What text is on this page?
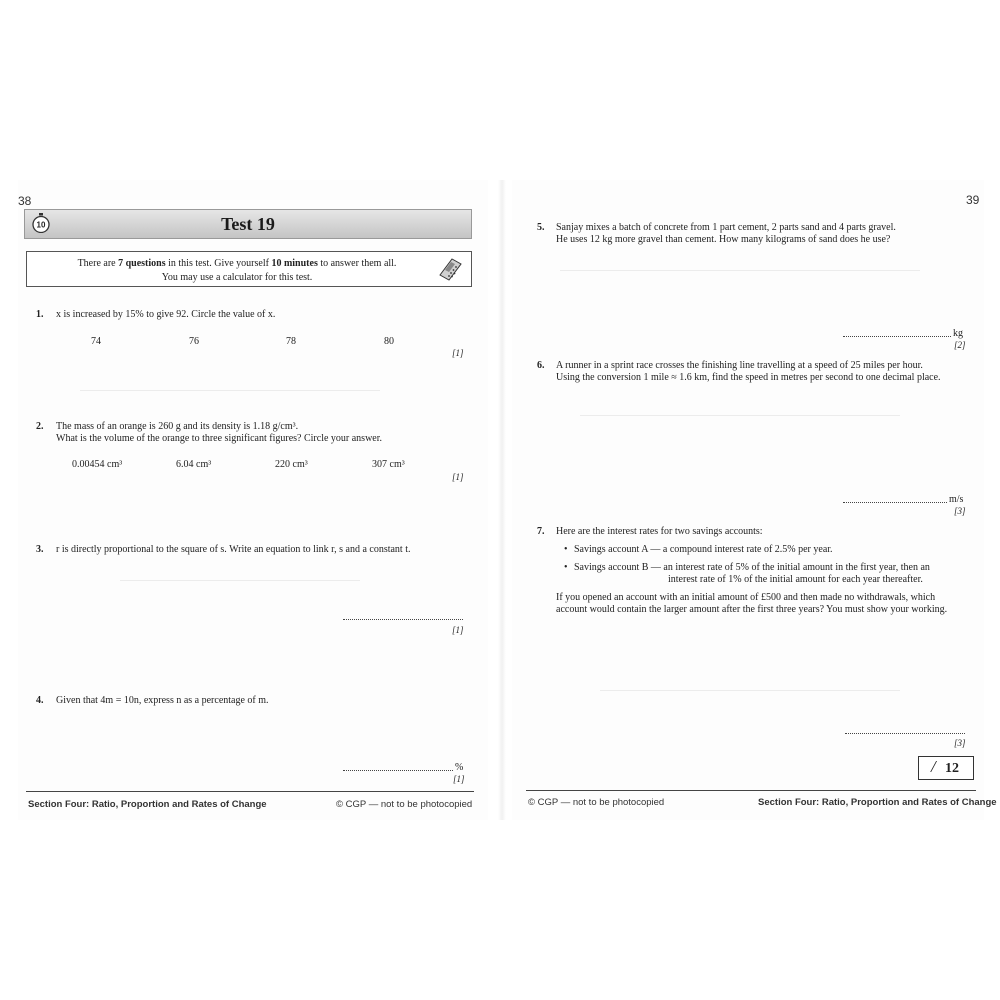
38
10	Test 19

There are 7 questions in this test. Give yourself 10 minutes to answer them all.

You may use a calculator for this test.

1. x is increased by 15% to give 92. Circle the value of x.
74	76	78	80
[1]
2. The mass of an orange is 260 g and its density is 1.18 g/cm³.
What is the volume of the orange to three significant figures? Circle your answer.
0.00454 cm³	6.04 cm³	220 cm³	307 cm³
[1]
3. r is directly proportional to the square of s. Write an equation to link r, s and a constant t.
[1]
4. Given that 4m = 10n, express n as a percentage of m.
%
[1]
Section Four: Ratio, Proportion and Rates of Change	© CGP — not to be photocopied
39
5. Sanjay mixes a batch of concrete from 1 part cement, 2 parts sand and 4 parts gravel.
He uses 12 kg more gravel than cement. How many kilograms of sand does he use?
kg
[2]
6. A runner in a sprint race crosses the finishing line travelling at a speed of 25 miles per hour.
Using the conversion 1 mile ≈ 1.6 km, find the speed in metres per second to one decimal place.
m/s
[3]
7. Here are the interest rates for two savings accounts:
• Savings account A — a compound interest rate of 2.5% per year.
• Savings account B — an interest rate of 5% of the initial amount in the first year, then an
interest rate of 1% of the initial amount for each year thereafter.
If you opened an account with an initial amount of £500 and then made no withdrawals, which
account would contain the larger amount after the first three years? You must show your working.
[3]
/ 12
© CGP — not to be photocopied	Section Four: Ratio, Proportion and Rates of Change
